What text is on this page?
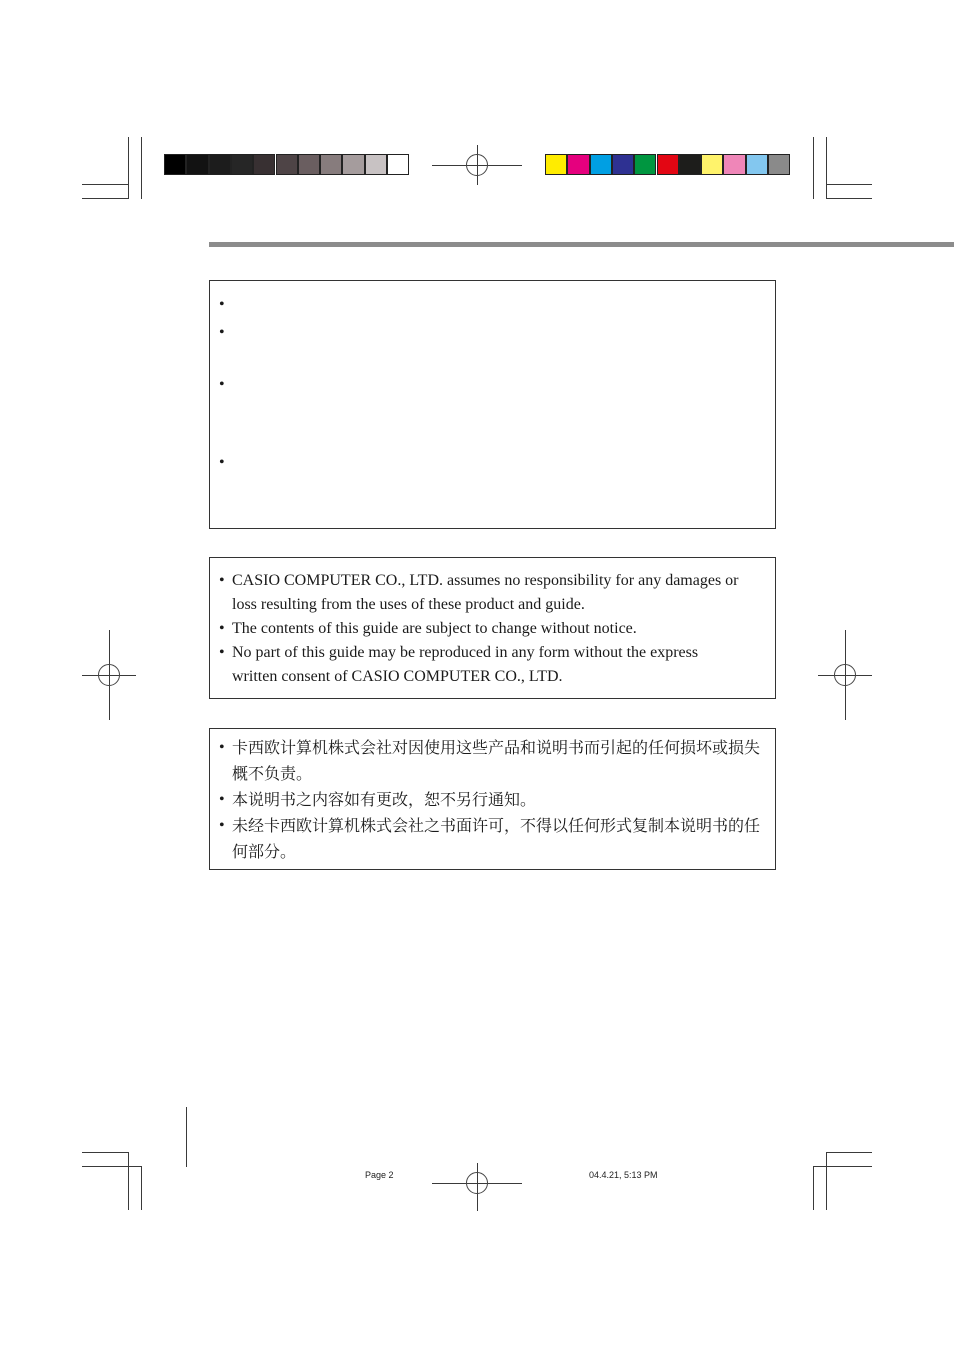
•
•
•
•
• CASIO COMPUTER CO., LTD. assumes no responsibility for any damages or loss resulting from the uses of these product and guide.
• The contents of this guide are subject to change without notice.
• No part of this guide may be reproduced in any form without the express written consent of CASIO COMPUTER CO., LTD.
• 卡西欧计算机株式会社对因使用这些产品和说明书而引起的任何损坏或损失概不负责。
• 本说明书之内容如有更改，恕不另行通知。
• 未经卡西欧计算机株式会社之书面许可，不得以任何形式复制本说明书的任何部分。
Page 2	04.4.21, 5:13 PM
